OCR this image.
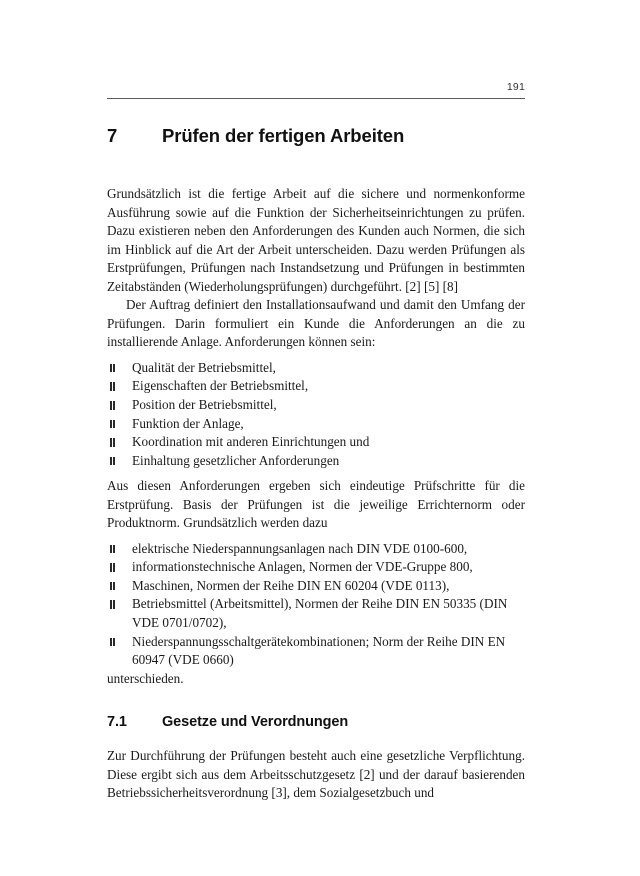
191
7	Prüfen der fertigen Arbeiten

Grundsätzlich ist die fertige Arbeit auf die sichere und normenkonforme Ausführung sowie auf die Funktion der Sicherheitseinrichtungen zu prüfen. Dazu existieren neben den Anforderungen des Kunden auch Normen, die sich im Hinblick auf die Art der Arbeit unterscheiden. Dazu werden Prüfungen als Erstprüfungen, Prüfungen nach Instandsetzung und Prüfungen in bestimmten Zeitabständen (Wiederholungsprüfungen) durchgeführt. [2] [5] [8]

Der Auftrag definiert den Installationsaufwand und damit den Umfang der Prüfungen. Darin formuliert ein Kunde die Anforderungen an die zu installierende Anlage. Anforderungen können sein:

Qualität der Betriebsmittel,
Eigenschaften der Betriebsmittel,
Position der Betriebsmittel,
Funktion der Anlage,
Koordination mit anderen Einrichtungen und
Einhaltung gesetzlicher Anforderungen

Aus diesen Anforderungen ergeben sich eindeutige Prüfschritte für die Erstprüfung. Basis der Prüfungen ist die jeweilige Errichternorm oder Produktnorm. Grundsätzlich werden dazu

elektrische Niederspannungsanlagen nach DIN VDE 0100-600,
informationstechnische Anlagen, Normen der VDE-Gruppe 800,
Maschinen, Normen der Reihe DIN EN 60204 (VDE 0113),
Betriebsmittel (Arbeitsmittel), Normen der Reihe DIN EN 50335 (DIN VDE 0701/0702),
Niederspannungsschaltgerätekombinationen; Norm der Reihe DIN EN 60947 (VDE 0660)

unterschieden.

7.1	Gesetze und Verordnungen

Zur Durchführung der Prüfungen besteht auch eine gesetzliche Verpflichtung. Diese ergibt sich aus dem Arbeitsschutzgesetz [2] und der darauf basierenden Betriebssicherheitsverordnung [3], dem Sozialgesetzbuch und
